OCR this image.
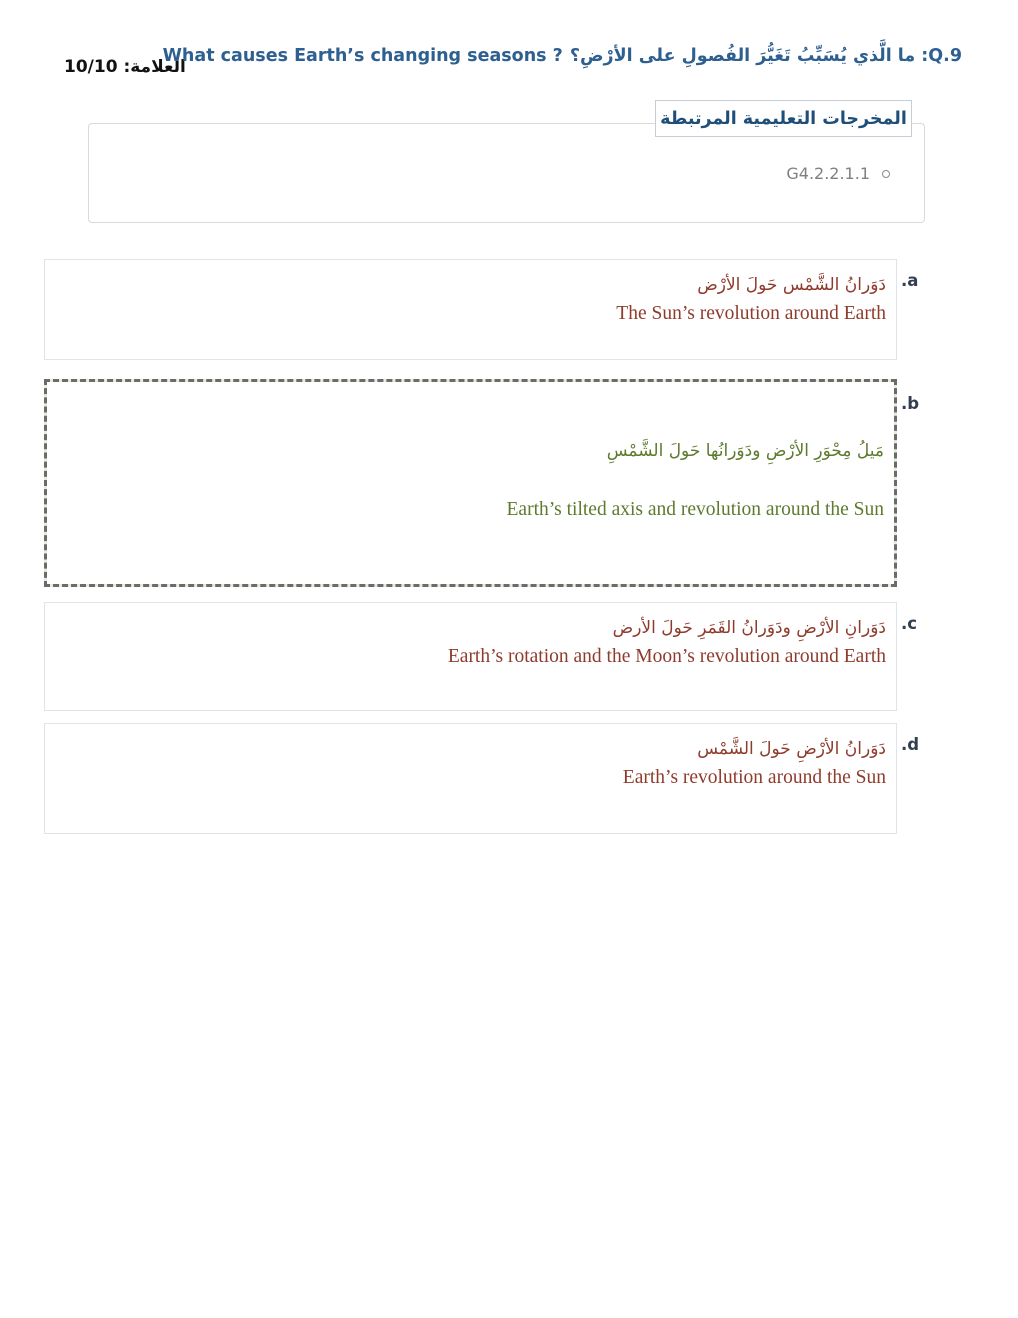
العلامة: 10/10
Q.9: ما الَّذي يُسَبِّبُ تَغَيُّرَ الفُصولِ على الأرْضِ؟
What causes Earth’s changing seasons ?
المخرجات التعليمية المرتبطة
G4.2.2.1.1
a.
دَوَرانُ الشَّمْس حَولَ الأرْض
The Sun’s revolution around Earth
b.
مَيلُ مِحْوَرِ الأرْضِ ودَوَرانُها حَولَ الشَّمْسِ
Earth’s tilted axis and revolution around the Sun
c.
دَوَرانِ الأرْضِ ودَوَرانُ القَمَرِ حَولَ الأرض
Earth’s rotation and the Moon’s revolution around Earth
d.
دَوَرانُ الأرْضِ حَولَ الشَّمْس
Earth’s revolution around the Sun
